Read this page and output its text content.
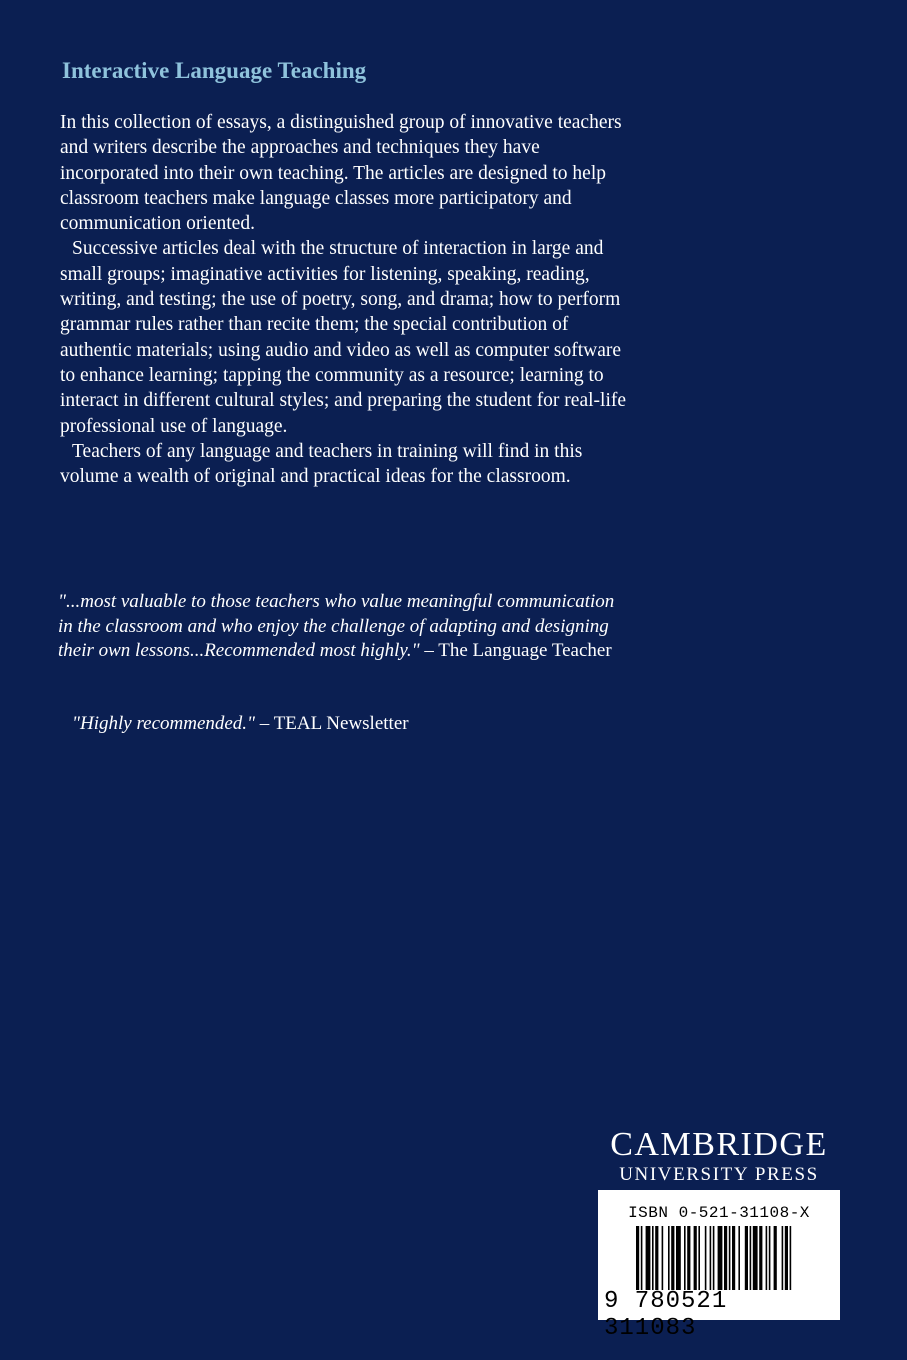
Interactive Language Teaching

In this collection of essays, a distinguished group of innovative teachers and writers describe the approaches and techniques they have incorporated into their own teaching. The articles are designed to help classroom teachers make language classes more participatory and communication oriented.

Successive articles deal with the structure of interaction in large and small groups; imaginative activities for listening, speaking, reading, writing, and testing; the use of poetry, song, and drama; how to perform grammar rules rather than recite them; the special contribution of authentic materials; using audio and video as well as computer software to enhance learning; tapping the community as a resource; learning to interact in different cultural styles; and preparing the student for real-life professional use of language.

Teachers of any language and teachers in training will find in this volume a wealth of original and practical ideas for the classroom.

"...most valuable to those teachers who value meaningful communication in the classroom and who enjoy the challenge of adapting and designing their own lessons...Recommended most highly." – The Language Teacher
"Highly recommended." – TEAL Newsletter
CAMBRIDGE
UNIVERSITY PRESS
ISBN 0-521-31108-X
9 780521 311083
